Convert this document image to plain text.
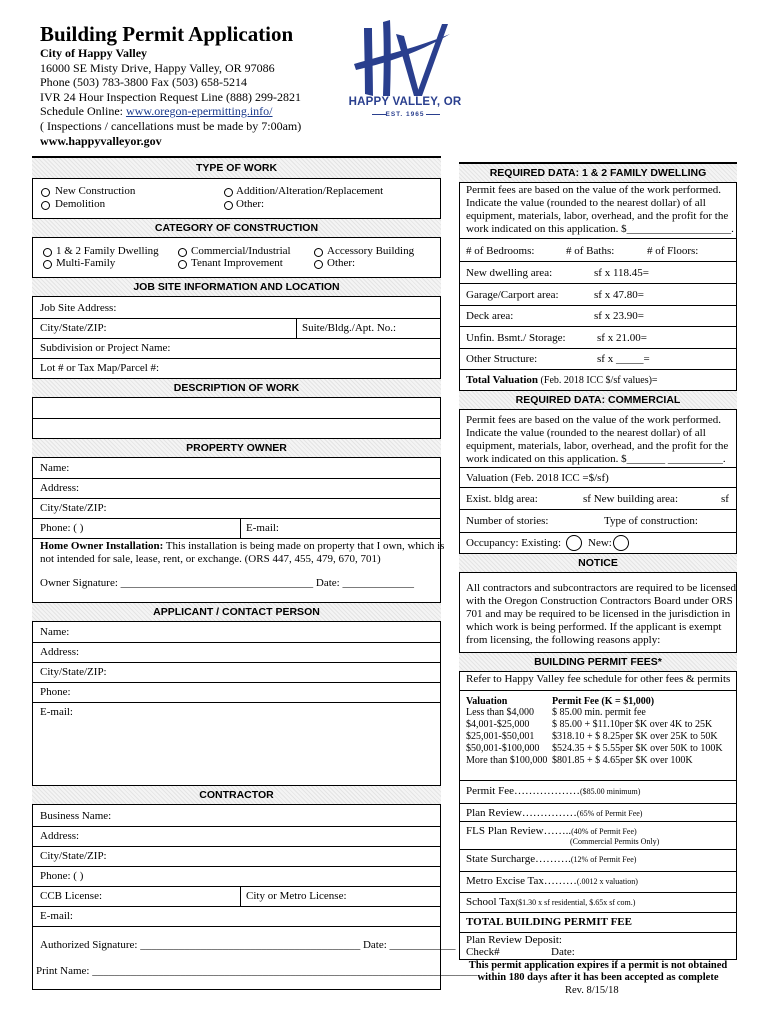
Building Permit Application
City of Happy Valley
16000 SE Misty Drive, Happy Valley, OR 97086
Phone (503) 783-3800 Fax (503) 658-5214
IVR 24 Hour Inspection Request Line (888) 299-2821
Schedule Online: www.oregon-epermitting.info/
( Inspections / cancellations must be made by 7:00am)
www.happyvalleyor.gov
HAPPY VALLEY, OR
EST. 1965
TYPE OF WORK
New Construction
Demolition
Addition/Alteration/Replacement
Other:
CATEGORY OF CONSTRUCTION
1 & 2 Family Dwelling
Multi-Family
Commercial/Industrial
Tenant Improvement
Accessory Building
Other:
JOB SITE INFORMATION AND LOCATION
Job Site Address:
City/State/ZIP:	Suite/Bldg./Apt. No.:
Subdivision or Project Name:
Lot # or Tax Map/Parcel #:
DESCRIPTION OF WORK
PROPERTY OWNER
Name:
Address:
City/State/ZIP:
Phone: ( )	E-mail:
Home Owner Installation: This installation is being made on property that I own, which is
not intended for sale, lease, rent, or exchange. (ORS 447, 455, 479, 670, 701)
Owner Signature: ___________________________________ Date: _____________
APPLICANT / CONTACT PERSON
Name:
Address:
City/State/ZIP:
Phone:
E-mail:
CONTRACTOR
Business Name:
Address:
City/State/ZIP:
Phone: ( )
CCB License:	City or Metro License:
E-mail:
Authorized Signature: ________________________________________ Date: ____________
Print Name: ______________________________________________________________________
REQUIRED DATA: 1 & 2 FAMILY DWELLING
Permit fees are based on the value of the work performed.
Indicate the value (rounded to the nearest dollar) of all
equipment, materials, labor, overhead, and the profit for the
work indicated on this application. $___________________.
# of Bedrooms:	# of Baths:	# of Floors:
New dwelling area:	sf x 118.45=
Garage/Carport area:	sf x 47.80=
Deck area:	sf x 23.90=
Unfin. Bsmt./ Storage:	sf x 21.00=
Other Structure:	sf x _____=
Total Valuation (Feb. 2018 ICC $/sf values)=
REQUIRED DATA: COMMERCIAL
Permit fees are based on the value of the work performed.
Indicate the value (rounded to the nearest dollar) of all
equipment, materials, labor, overhead, and the profit for the
work indicated on this application. $_______ __________.
Valuation (Feb. 2018 ICC =$/sf)
Exist. bldg area:	sf New building area:	sf
Number of stories:	Type of construction:
Occupancy: Existing: New:
NOTICE
All contractors and subcontractors are required to be licensed
with the Oregon Construction Contractors Board under ORS
701 and may be required to be licensed in the jurisdiction in
which work is being performed. If the applicant is exempt
from licensing, the following reasons apply:
BUILDING PERMIT FEES*
Refer to Happy Valley fee schedule for other fees & permits
Valuation	Permit Fee (K = $1,000)
Less than $4,000 $ 85.00 min. permit fee
$4,001-$25,000 $ 85.00 + $11.10per $K over 4K to 25K
$25,001-$50,001 $318.10 + $ 8.25per $K over 25K to 50K
$50,001-$100,000 $524.35 + $ 5.55per $K over 50K to 100K
More than $100,000 $801.85 + $ 4.65per $K over 100K
Permit Fee………………($85.00 minimum)
Plan Review……………(65% of Permit Fee)
FLS Plan Review……..(40% of Permit Fee)
(Commercial Permits Only)
State Surcharge……….(12% of Permit Fee)
Metro Excise Tax………(.0012 x valuation)
School Tax($1.30 x sf residential, $.65x sf com.)
TOTAL BUILDING PERMIT FEE
Plan Review Deposit:
Check#	Date:
This permit application expires if a permit is not obtained
within 180 days after it has been accepted as complete
Rev. 8/15/18
